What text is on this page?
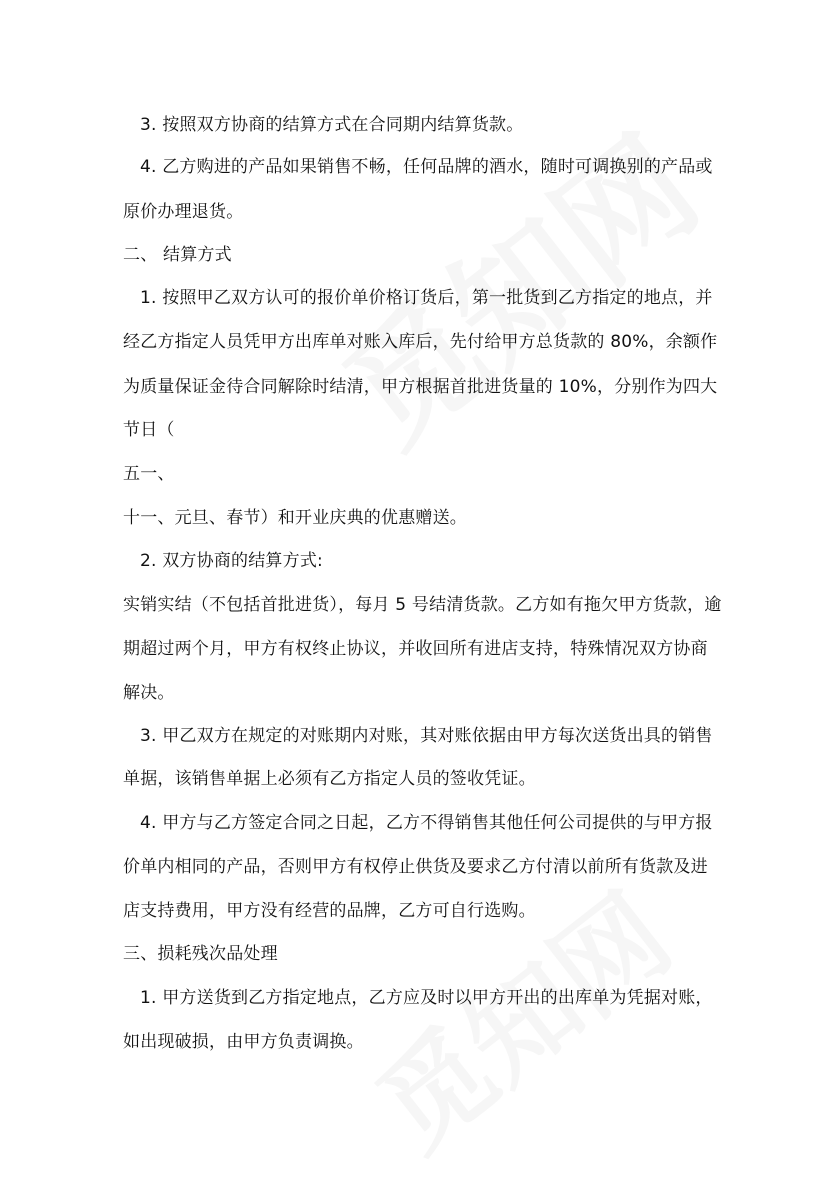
3. 按照双方协商的结算方式在合同期内结算货款。
4. 乙方购进的产品如果销售不畅，任何品牌的酒水，随时可调换别的产品或
原价办理退货。
二、 结算方式
1. 按照甲乙双方认可的报价单价格订货后，第一批货到乙方指定的地点，并
经乙方指定人员凭甲方出库单对账入库后，先付给甲方总货款的 80%，余额作
为质量保证金待合同解除时结清，甲方根据首批进货量的 10%，分别作为四大
节日（
五一、
十一、元旦、春节）和开业庆典的优惠赠送。
2. 双方协商的结算方式:
实销实结（不包括首批进货），每月 5 号结清货款。乙方如有拖欠甲方货款，逾
期超过两个月，甲方有权终止协议，并收回所有进店支持，特殊情况双方协商
解决。
3. 甲乙双方在规定的对账期内对账，其对账依据由甲方每次送货出具的销售
单据，该销售单据上必须有乙方指定人员的签收凭证。
4. 甲方与乙方签定合同之日起，乙方不得销售其他任何公司提供的与甲方报
价单内相同的产品，否则甲方有权停止供货及要求乙方付清以前所有货款及进
店支持费用，甲方没有经营的品牌，乙方可自行选购。
三、损耗残次品处理
1. 甲方送货到乙方指定地点，乙方应及时以甲方开出的出库单为凭据对账，
如出现破损，由甲方负责调换。
